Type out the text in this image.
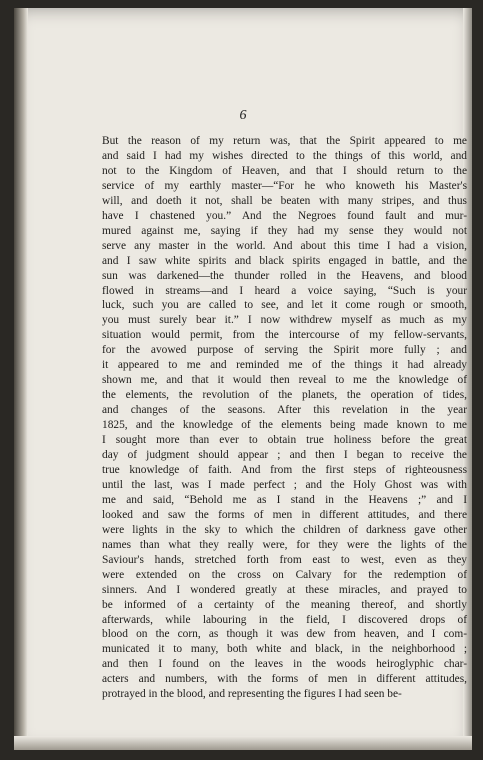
6
But the reason of my return was, that the Spirit appeared to me
and said I had my wishes directed to the things of this world, and
not to the Kingdom of Heaven, and that I should return to the
service of my earthly master—“For he who knoweth his Master's
will, and doeth it not, shall be beaten with many stripes, and thus
have I chastened you.” And the Negroes found fault and mur-
mured against me, saying if they had my sense they would not
serve any master in the world. And about this time I had a vision,
and I saw white spirits and black spirits engaged in battle, and the
sun was darkened—the thunder rolled in the Heavens, and blood
flowed in streams—and I heard a voice saying, “Such is your
luck, such you are called to see, and let it come rough or smooth,
you must surely bear it.” I now withdrew myself as much as my
situation would permit, from the intercourse of my fellow-servants,
for the avowed purpose of serving the Spirit more fully ; and
it appeared to me and reminded me of the things it had already
shown me, and that it would then reveal to me the knowledge of
the elements, the revolution of the planets, the operation of tides,
and changes of the seasons. After this revelation in the year
1825, and the knowledge of the elements being made known to me
I sought more than ever to obtain true holiness before the great
day of judgment should appear ; and then I began to receive the
true knowledge of faith. And from the first steps of righteousness
until the last, was I made perfect ; and the Holy Ghost was with
me and said, “Behold me as I stand in the Heavens ;” and I
looked and saw the forms of men in different attitudes, and there
were lights in the sky to which the children of darkness gave other
names than what they really were, for they were the lights of the
Saviour's hands, stretched forth from east to west, even as they
were extended on the cross on Calvary for the redemption of
sinners. And I wondered greatly at these miracles, and prayed to
be informed of a certainty of the meaning thereof, and shortly
afterwards, while labouring in the field, I discovered drops of
blood on the corn, as though it was dew from heaven, and I com-
municated it to many, both white and black, in the neighborhood ;
and then I found on the leaves in the woods heiroglyphic char-
acters and numbers, with the forms of men in different attitudes,
protrayed in the blood, and representing the figures I had seen be-
